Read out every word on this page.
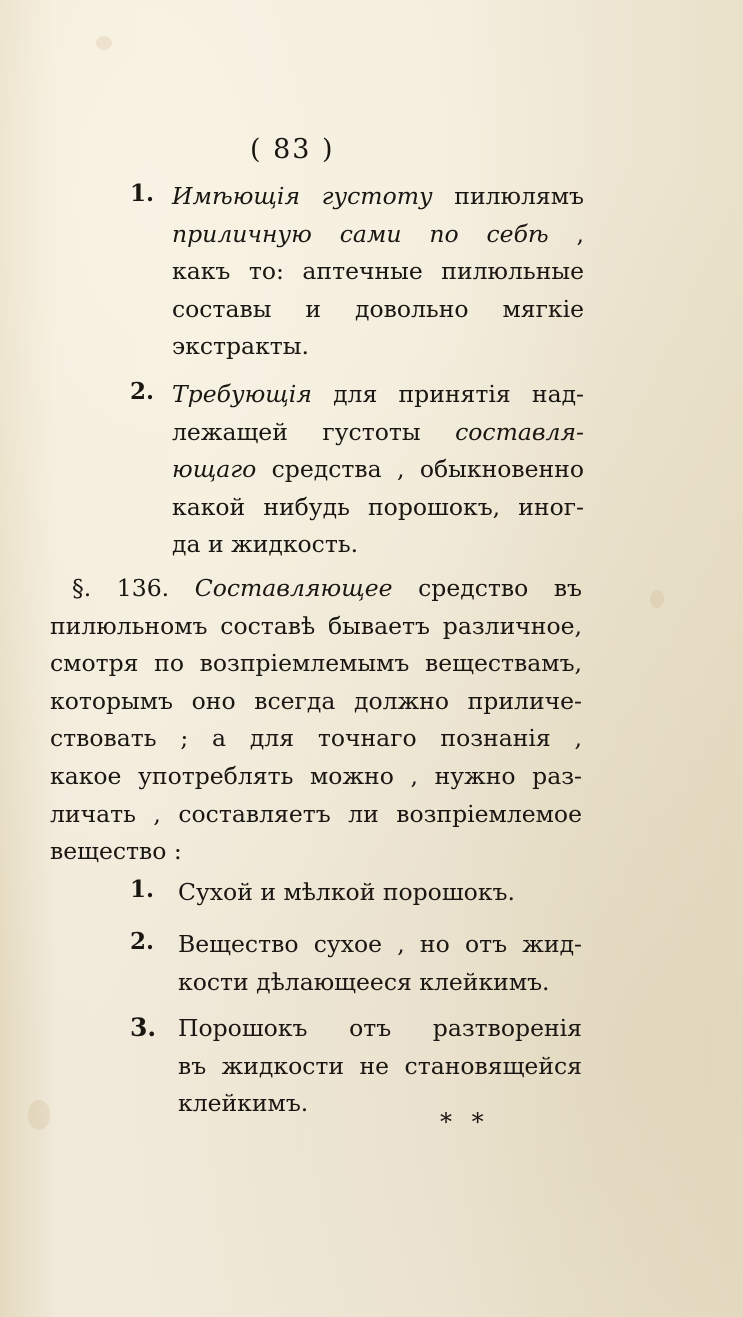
( 83 )
1. Имѣющія густоту пилюлямъ
приличную сами по себѣ ,
какъ то: аптечные пилюльные
составы и довольно мягкіе
экстракты.
2. Требующія для принятія над-
лежащей густоты составля-
ющаго средства , обыкновенно
какой нибудь порошокъ, иног-
да и жидкость.
§. 136. Составляющее средство въ
пилюльномъ составѣ бываетъ различное,
смотря по возпріемлемымъ веществамъ,
которымъ оно всегда должно приличе-
ствовать ; а для точнаго познанія ,
какое употреблять можно , нужно раз-
личать , составляетъ ли возпріемлемое
вещество :
1. Сухой и мѣлкой порошокъ.
2. Вещество сухое , но отъ жид-
кости дѣлающееся клейкимъ.
3. Порошокъ отъ разтворенія
въ жидкости не становящейся
клейкимъ.
* *
